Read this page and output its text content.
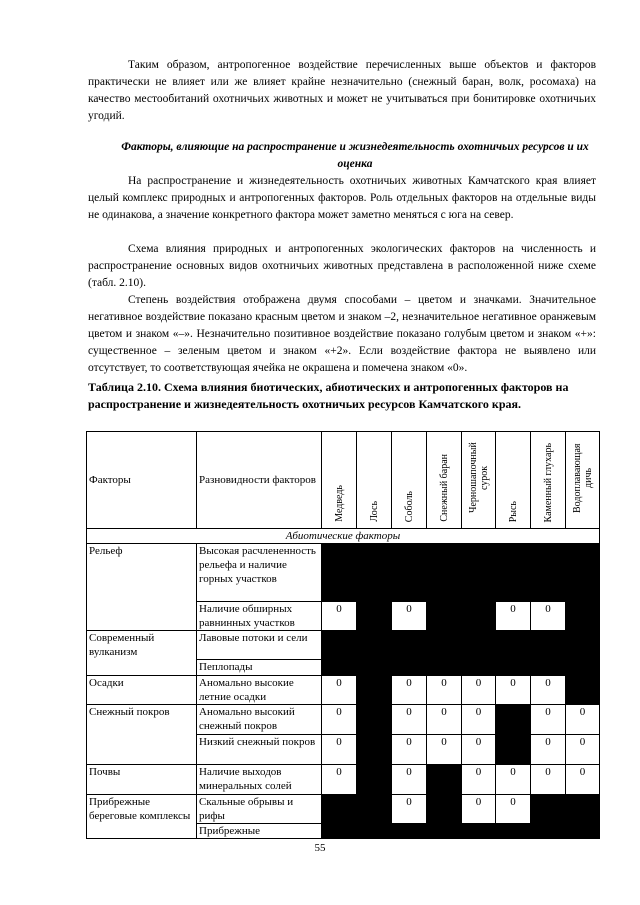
Таким образом, антропогенное воздействие перечисленных выше объектов и факторов практически не влияет или же влияет крайне незначительно (снежный баран, волк, росомаха) на качество местообитаний охотничьих животных и может не учитываться при бонитировке охотничьих угодий.

Факторы, влияющие на распространение и жизнедеятельность охотничьих ресурсов и их оценка

На распространение и жизнедеятельность охотничьих животных Камчатского края влияет целый комплекс природных и антропогенных факторов. Роль отдельных факторов на отдельные виды не одинакова, а значение конкретного фактора может заметно меняться с юга на север.

Схема влияния природных и антропогенных экологических факторов на численность и распространение основных видов охотничьих животных представлена в расположенной ниже схеме (табл. 2.10).

Степень воздействия отображена двумя способами – цветом и значками. Значительное негативное воздействие показано красным цветом и знаком –2, незначительное негативное оранжевым цветом и знаком «–». Незначительно позитивное воздействие показано голубым цветом и знаком «+»: существенное – зеленым цветом и знаком «+2». Если воздействие фактора не выявлено или отсутствует, то соответствующая ячейка не окрашена и помечена знаком «0».

Таблица 2.10. Схема влияния биотических, абиотических и антропогенных факторов на распространение и жизнедеятельность охотничьих ресурсов Камчатского края.

Факторы	Разновидности факторов	Медведь	Лось	Соболь	Снежный баран	Черношапочный сурок	Рысь	Каменный глухарь	Водоплавающая дичь
Абиотические факторы									
Рельеф	Высокая расчлененность рельефа и наличие горных участков								
	Наличие обширных равнинных участков	0		0			0	0	
Современный вулканизм	Лавовые потоки и сели								
	Пеплопады								
Осадки	Аномально высокие летние осадки	0		0	0	0	0	0	
Снежный покров	Аномально высокий снежный покров	0		0	0	0		0	0
	Низкий снежный покров	0		0	0	0		0	0
Почвы	Наличие выходов минеральных солей	0		0		0	0	0	0
Прибрежные береговые комплексы	Скальные обрывы и рифы			0		0	0		
	Прибрежные								
55
